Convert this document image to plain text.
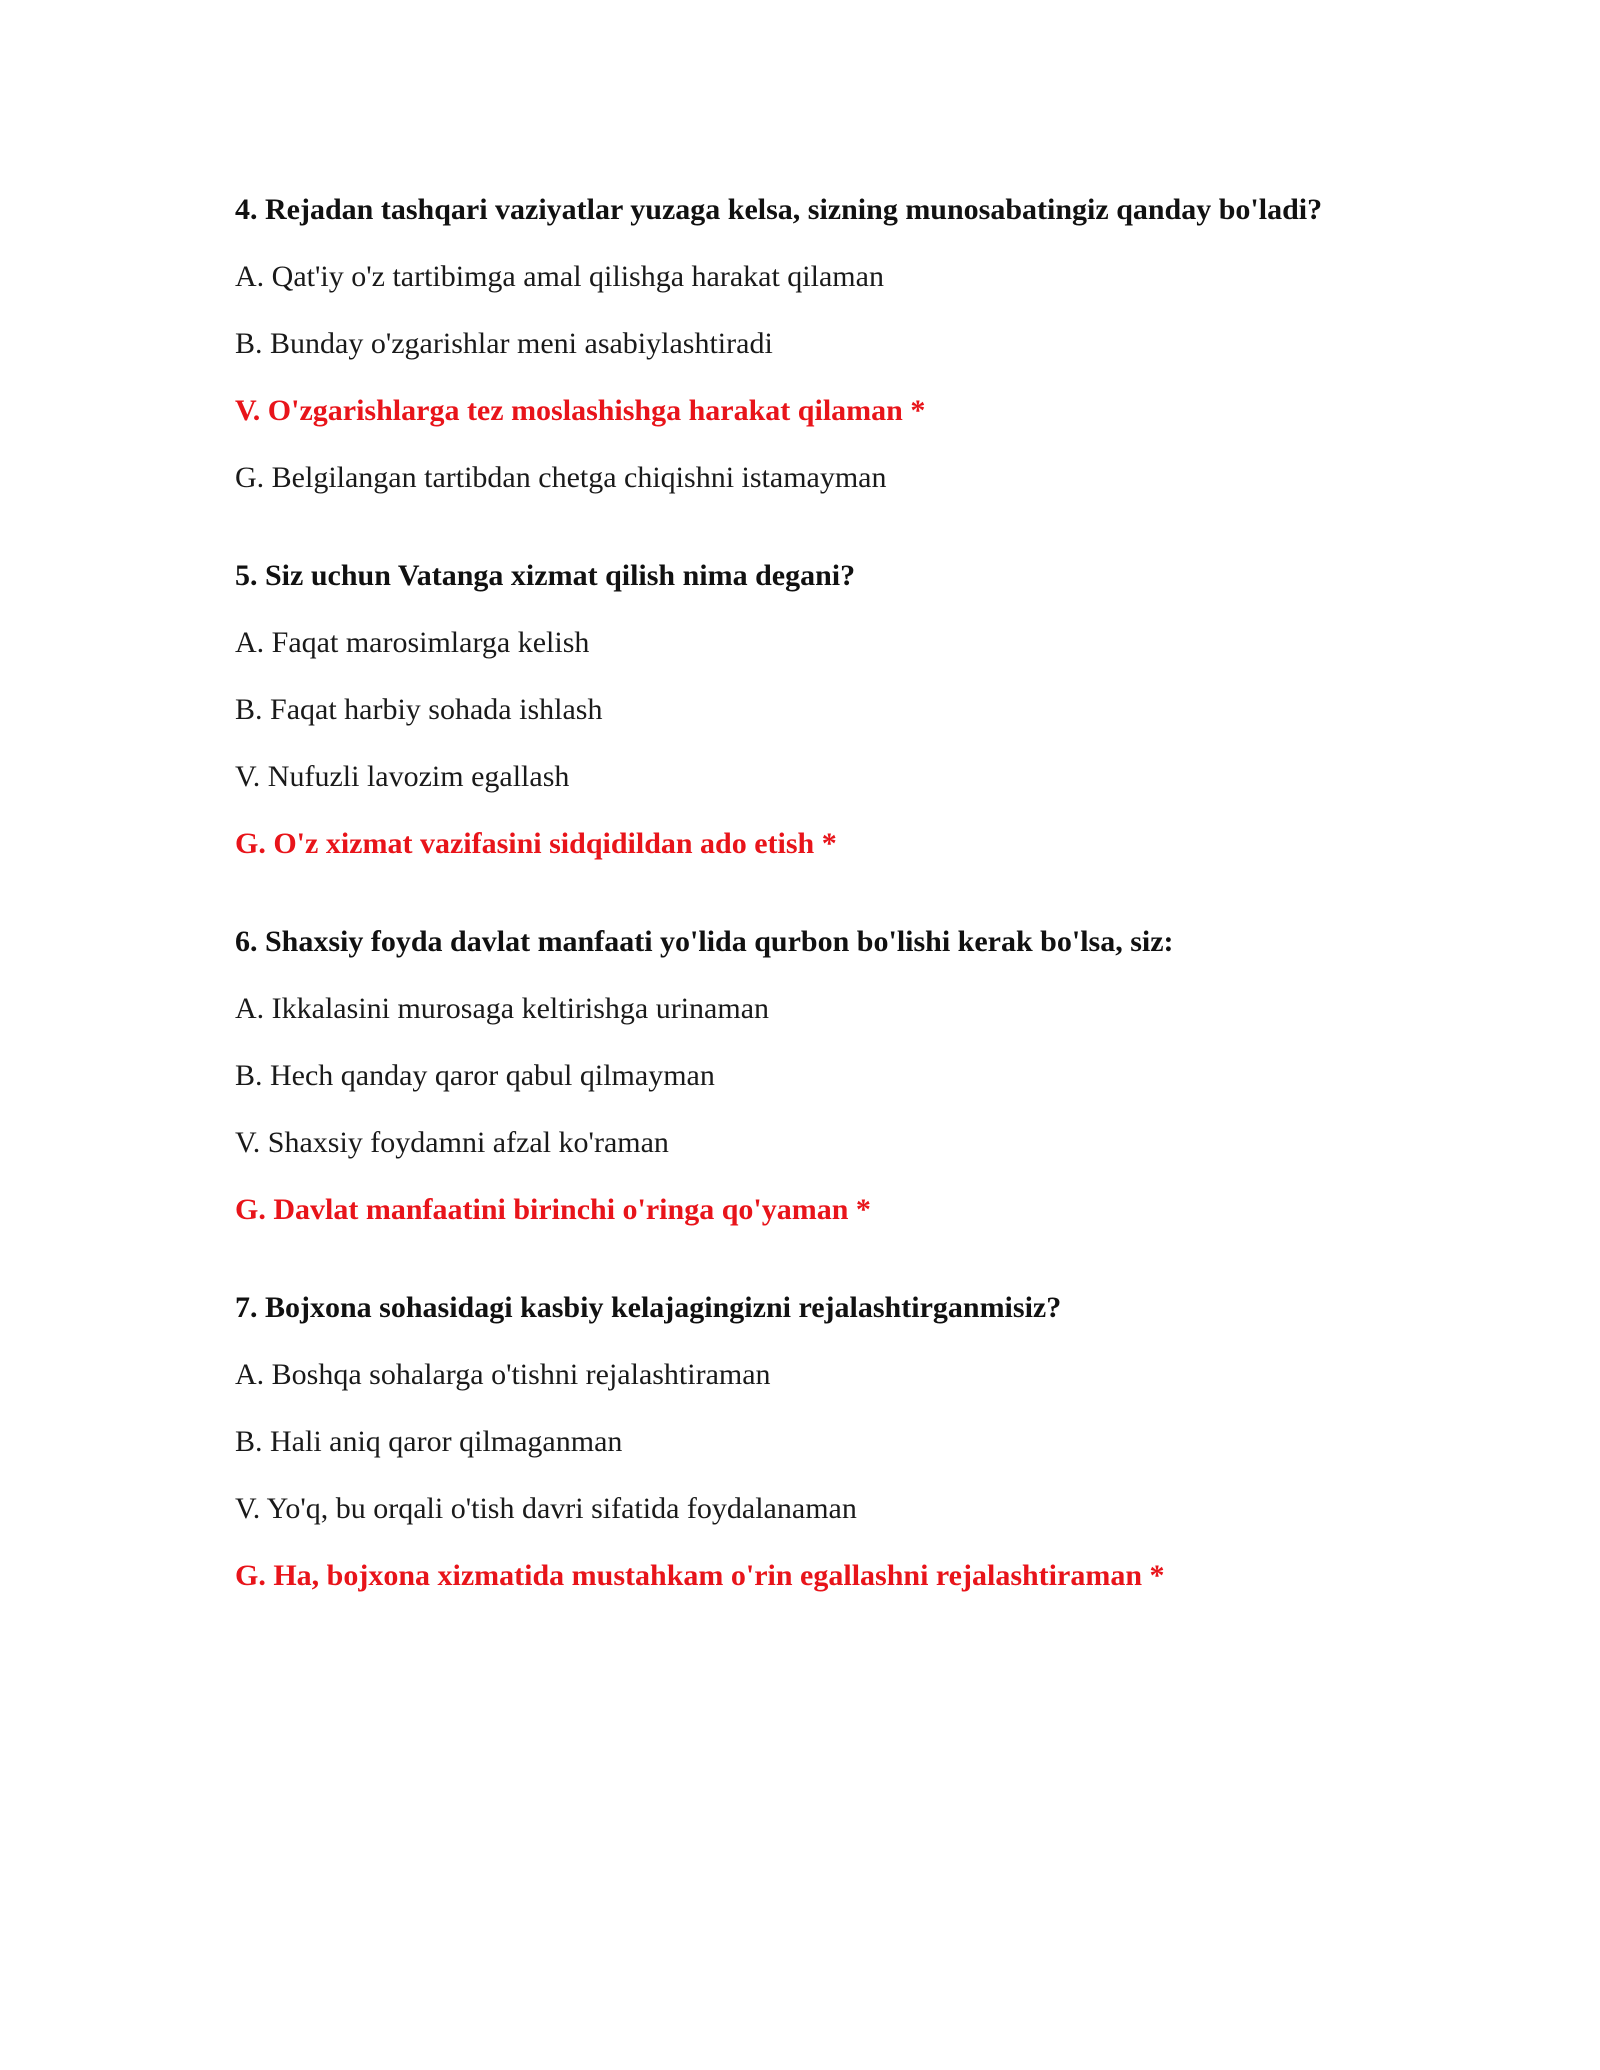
4. Rejadan tashqari vaziyatlar yuzaga kelsa, sizning munosabatingiz qanday bo'ladi?

A. Qat'iy o'z tartibimga amal qilishga harakat qilaman

B. Bunday o'zgarishlar meni asabiylashtiradi

V. O'zgarishlarga tez moslashishga harakat qilaman *

G. Belgilangan tartibdan chetga chiqishni istamayman

5. Siz uchun Vatanga xizmat qilish nima degani?

A. Faqat marosimlarga kelish

B. Faqat harbiy sohada ishlash

V. Nufuzli lavozim egallash

G. O'z xizmat vazifasini sidqidildan ado etish *

6. Shaxsiy foyda davlat manfaati yo'lida qurbon bo'lishi kerak bo'lsa, siz:

A. Ikkalasini murosaga keltirishga urinaman

B. Hech qanday qaror qabul qilmayman

V. Shaxsiy foydamni afzal ko'raman

G. Davlat manfaatini birinchi o'ringa qo'yaman *

7. Bojxona sohasidagi kasbiy kelajagingizni rejalashtirganmisiz?

A. Boshqa sohalarga o'tishni rejalashtiraman

B. Hali aniq qaror qilmaganman

V. Yo'q, bu orqali o'tish davri sifatida foydalanaman

G. Ha, bojxona xizmatida mustahkam o'rin egallashni rejalashtiraman *
